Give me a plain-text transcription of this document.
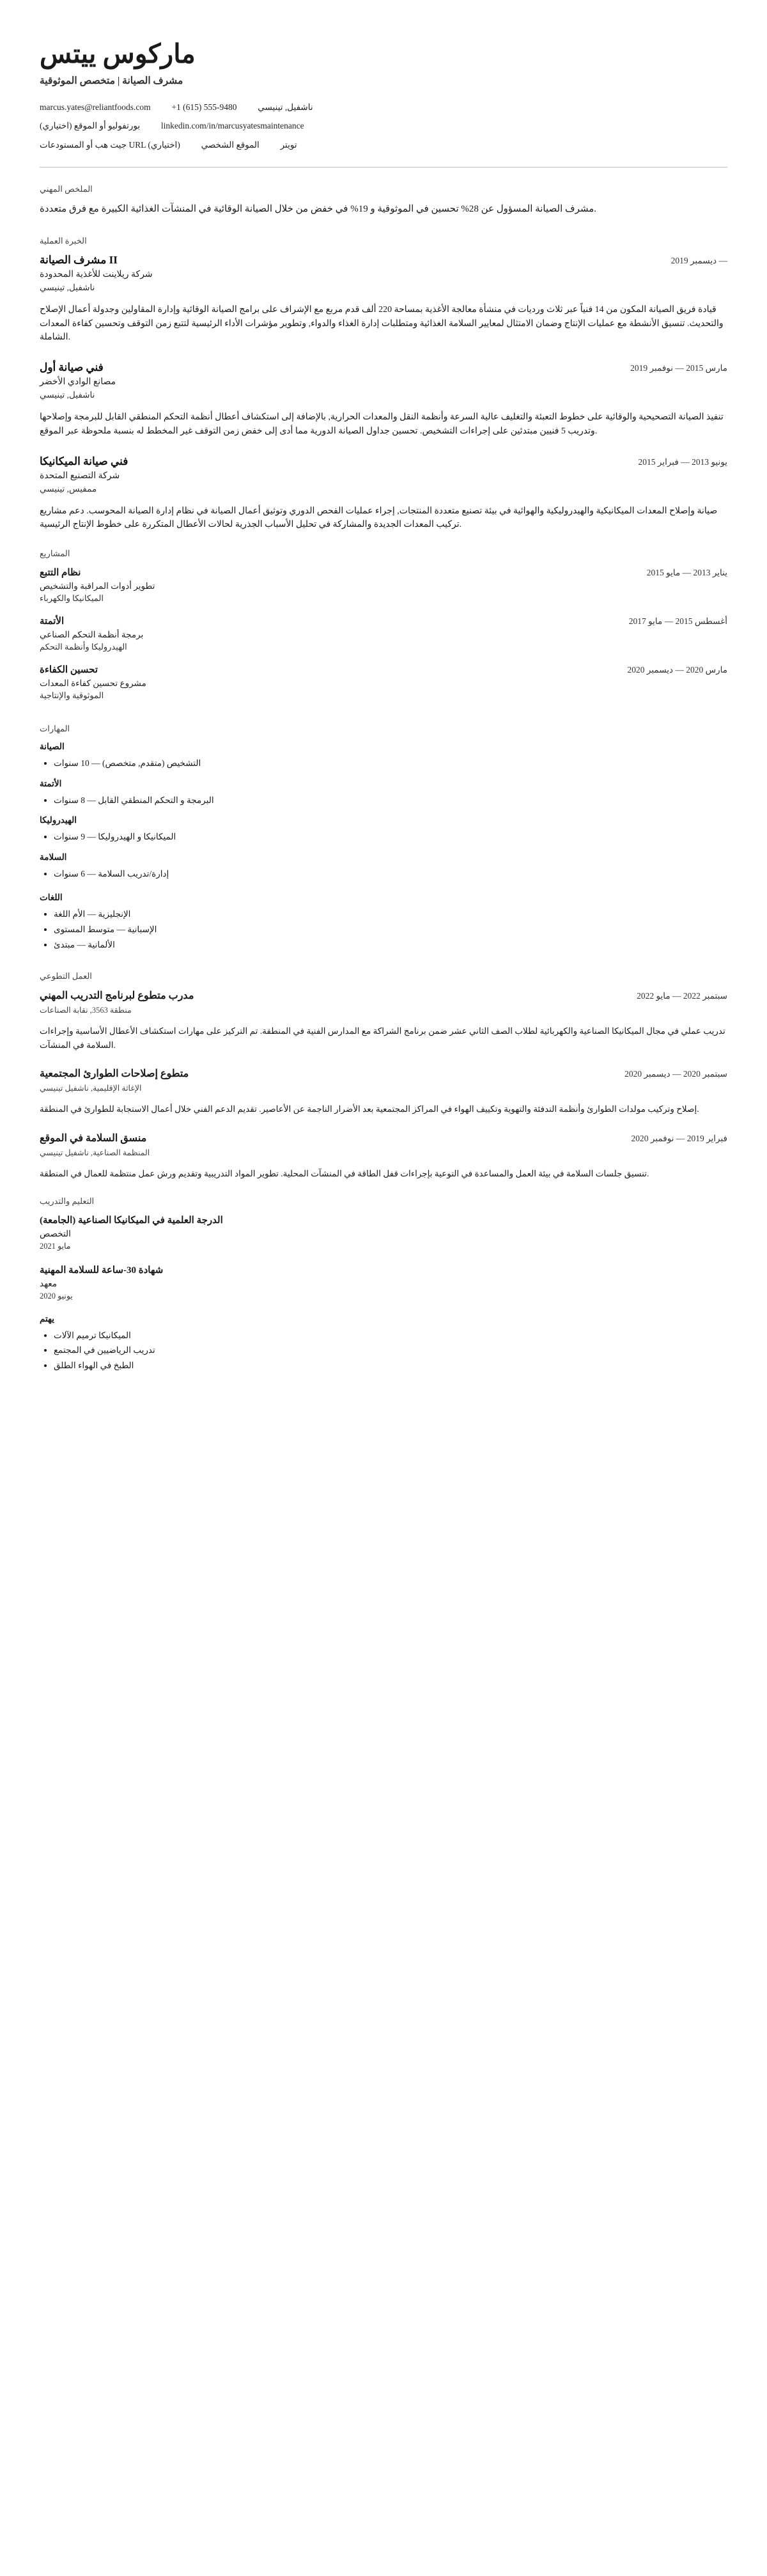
ماركوس ييتس
مشرف الصيانة | متخصص الموثوقية
marcus.yates@reliantfoods.com +1 (615) 555-9480 ناشفيل, تينيسي
بورتفوليو أو الموقع (اختياري) linkedin.com/in/marcusyatesmaintenance
جيت هب أو المستودعات URL (اختياري)	تويتر  الموقع الشخصي
الملخص المهني
مشرف الصيانة المسؤول عن 28% تحسين في الموثوقية و 19% في خفض من خلال الصيانة الوقائية في المنشآت الغذائية الكبيرة مع فرق متعددة.
الخبرة العملية
مشرف الصيانة II	ديسمبر 2019 —
شركة ريلاينت للأغذية المحدودة
ناشفيل, تينيسي
قيادة فريق الصيانة المكون من 14 فنياً عبر ثلاث ورديات في منشأة معالجة الأغذية بمساحة 220 ألف قدم مربع مع الإشراف على برامج الصيانة الوقائية وإدارة المقاولين وجدولة أعمال الإصلاح والتحديث. تنسيق الأنشطة مع عمليات الإنتاج وضمان الامتثال لمعايير السلامة الغذائية ومتطلبات إدارة الغذاء والدواء, وتطوير مؤشرات الأداء الرئيسية لتتبع زمن التوقف وتحسين كفاءة المعدات الشاملة.
فني صيانة أول	مارس 2015 — نوفمبر 2019
مصانع الوادي الأخضر
ناشفيل, تينيسي
تنفيذ الصيانة التصحيحية والوقائية على خطوط التعبئة والتغليف عالية السرعة وأنظمة النقل والمعدات الحرارية, بالإضافة إلى استكشاف أعطال أنظمة التحكم المنطقي القابل للبرمجة وإصلاحها وتدريب 5 فنيين مبتدئين على إجراءات التشخيص. تحسين جداول الصيانة الدورية مما أدى إلى خفض زمن التوقف غير المخطط له بنسبة ملحوظة عبر الموقع.
فني صيانة الميكانيكا	يونيو 2013 — فبراير 2015
شركة التصنيع المتحدة
ممفيس, تينيسي
صيانة وإصلاح المعدات الميكانيكية والهيدروليكية والهوائية في بيئة تصنيع متعددة المنتجات, إجراء عمليات الفحص الدوري وتوثيق أعمال الصيانة في نظام إدارة الصيانة المحوسب. دعم مشاريع تركيب المعدات الجديدة والمشاركة في تحليل الأسباب الجذرية لحالات الأعطال المتكررة على خطوط الإنتاج الرئيسية.
المشاريع
نظام التتبع	يناير 2013 — مايو 2015
تطوير أدوات المراقبة والتشخيص
الميكانيكا والكهرباء
الأتمتة	أغسطس 2015 — مايو 2017
برمجة أنظمة التحكم الصناعي
الهيدروليكا وأنظمة التحكم
تحسين الكفاءة	مارس 2020 — ديسمبر 2020
مشروع تحسين كفاءة المعدات
الموثوقية والإنتاجية
المهارات
الصيانة
• التشخيص (متقدم, متخصص) — 10 سنوات
الأتمتة
• البرمجة و التحكم المنطقي القابل — 8 سنوات
الهيدروليكا
• الميكانيكا و الهيدروليكا — 9 سنوات
السلامة
• إدارة/تدريب السلامة — 6 سنوات
اللغات
• الإنجليزية — الأم اللغة
• الإسبانية — متوسط المستوى
• الألمانية — مبتدئ
العمل التطوعي
مدرب متطوع لبرنامج التدريب المهني	سبتمبر 2022 — مايو 2022
منطقة 3563, نقابة الصناعات
تدريب عملي في مجال الميكانيكا الصناعية والكهربائية لطلاب الصف الثاني عشر ضمن برنامج الشراكة مع المدارس الفنية في المنطقة. تم التركيز على مهارات استكشاف الأعطال الأساسية وإجراءات السلامة في المنشآت.
متطوع إصلاحات الطوارئ المجتمعية	سبتمبر 2020 — ديسمبر 2020
الإغاثة الإقليمية, ناشفيل تينيسي
إصلاح وتركيب مولدات الطوارئ وأنظمة التدفئة والتهوية وتكييف الهواء في المراكز المجتمعية بعد الأضرار الناجمة عن الأعاصير. تقديم الدعم الفني خلال أعمال الاستجابة للطوارئ في المنطقة.
منسق السلامة في الموقع	فبراير 2019 — نوفمبر 2020
المنظمة الصناعية, ناشفيل تينيسي
تنسيق جلسات السلامة في بيئة العمل والمساعدة في التوعية بإجراءات قفل الطاقة في المنشآت المحلية. تطوير المواد التدريبية وتقديم ورش عمل منتظمة للعمال في المنطقة.
التعليم والتدريب
الدرجة العلمية في الميكانيكا الصناعية (الجامعة)
التخصص
مايو 2021
شهادة 30-ساعة للسلامة المهنية
معهد
يونيو 2020
يهتم
• الميكانيكا ترميم الآلات
• تدريب الرياضيين في المجتمع
• الطبخ في الهواء الطلق
